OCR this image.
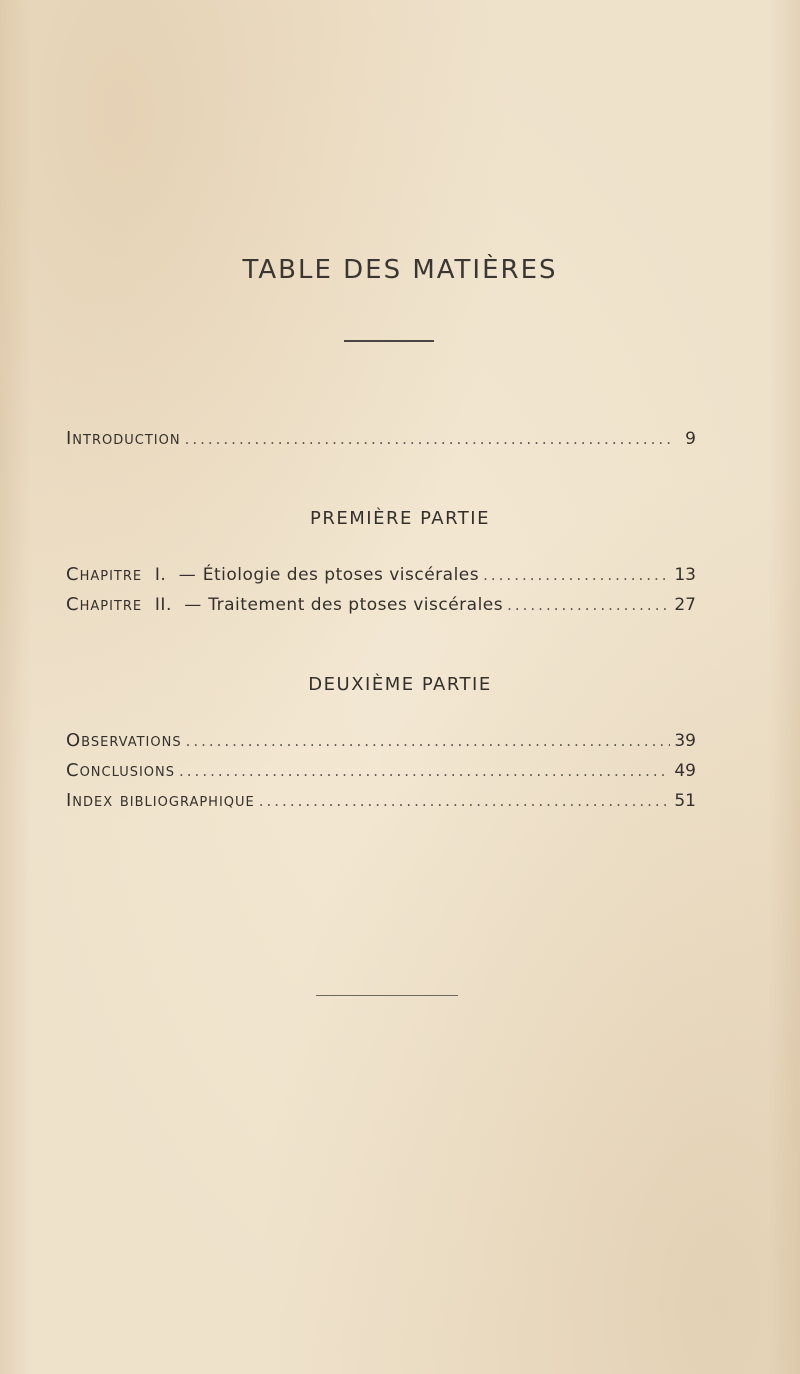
TABLE DES MATIÈRES
Introduction .....	9
PREMIÈRE PARTIE
Chapitre I. — Étiologie des ptoses viscérales .....	13
Chapitre II. — Traitement des ptoses viscérales .....	27
DEUXIÈME PARTIE
Observations .....	39
Conclusions .....	49
Index bibliographique .....	51
